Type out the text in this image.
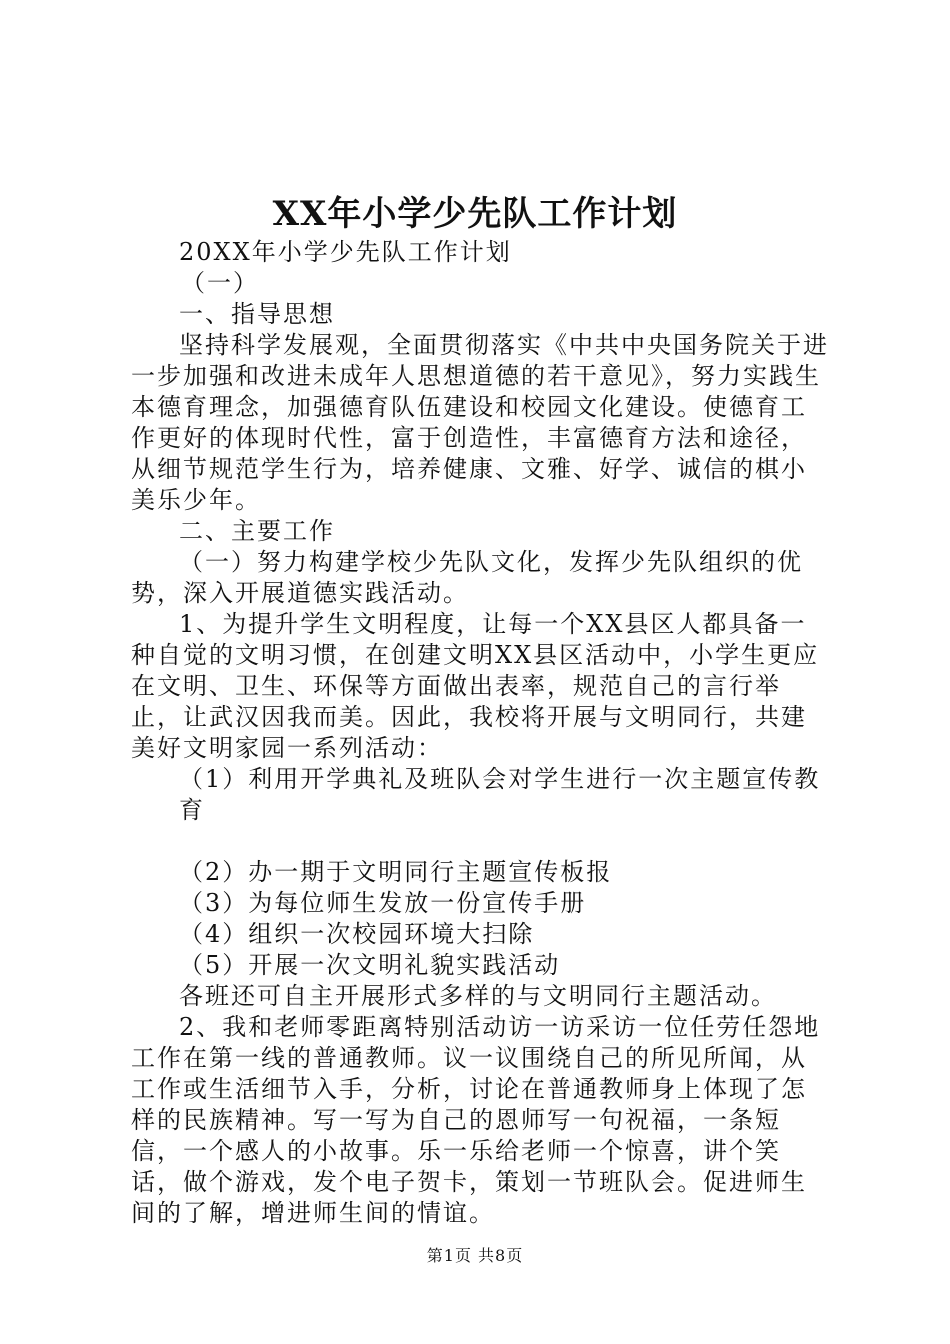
XX年小学少先队工作计划

20XX年小学少先队工作计划

（一）

一、指导思想

坚持科学发展观，全面贯彻落实《中共中央国务院关于进一步加强和改进未成年人思想道德的若干意见》，努力实践生本德育理念，加强德育队伍建设和校园文化建设。使德育工作更好的体现时代性，富于创造性，丰富德育方法和途径，从细节规范学生行为，培养健康、文雅、好学、诚信的棋小美乐少年。

二、主要工作

（一）努力构建学校少先队文化，发挥少先队组织的优势，深入开展道德实践活动。

1、为提升学生文明程度，让每一个XX县区人都具备一种自觉的文明习惯，在创建文明XX县区活动中，小学生更应在文明、卫生、环保等方面做出表率，规范自己的言行举止，让武汉因我而美。因此，我校将开展与文明同行，共建美好文明家园一系列活动：

（1）利用开学典礼及班队会对学生进行一次主题宣传教育

（2）办一期于文明同行主题宣传板报

（3）为每位师生发放一份宣传手册

（4）组织一次校园环境大扫除

（5）开展一次文明礼貌实践活动

各班还可自主开展形式多样的与文明同行主题活动。

2、我和老师零距离特别活动访一访采访一位任劳任怨地工作在第一线的普通教师。议一议围绕自己的所见所闻，从工作或生活细节入手，分析，讨论在普通教师身上体现了怎样的民族精神。写一写为自己的恩师写一句祝福，一条短信，一个感人的小故事。乐一乐给老师一个惊喜，讲个笑话，做个游戏，发个电子贺卡，策划一节班队会。促进师生间的了解，增进师生间的情谊。

第1页 共8页
